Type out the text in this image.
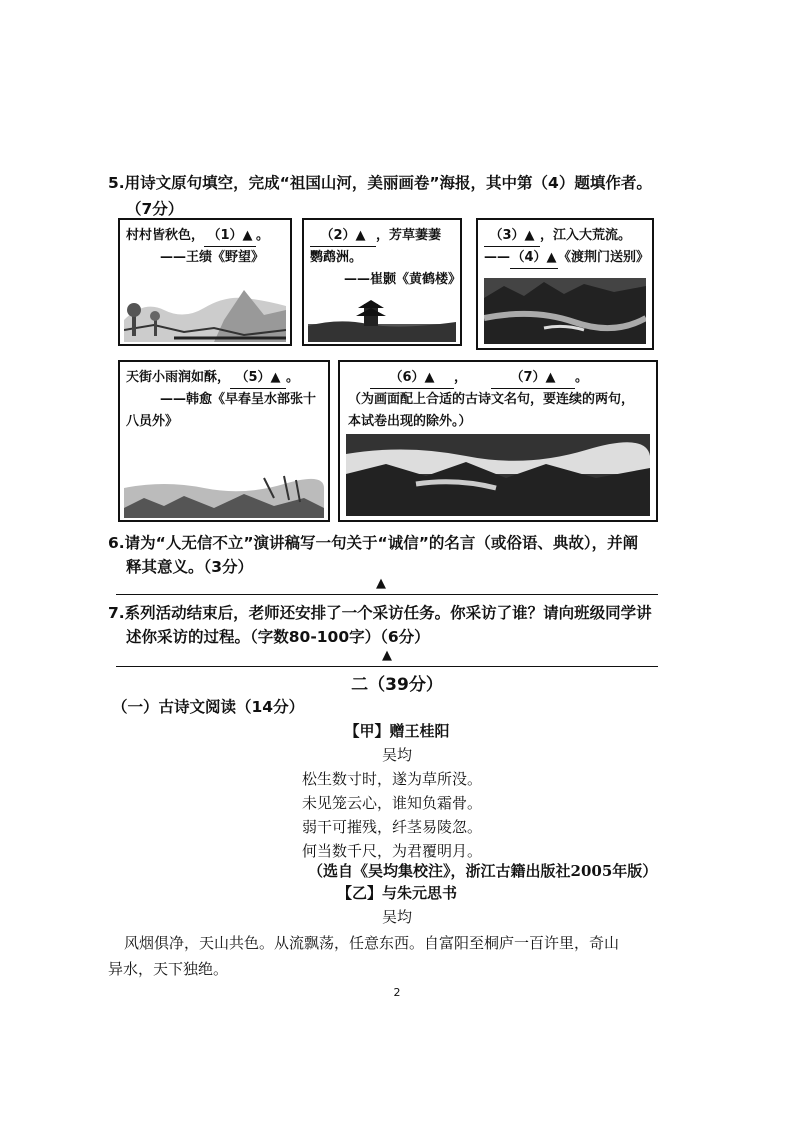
5.用诗文原句填空，完成“祖国山河，美丽画卷”海报，其中第（4）题填作者。
（7分）
村村皆秋色， （1）▲ 。
——王绩《野望》
（2）▲ ，芳草萋萋
鹦鹉洲。
——崔颢《黄鹤楼》
（3）▲ ，江入大荒流。
——（4）▲《渡荆门送别》
天街小雨润如酥， （5）▲ 。
——韩愈《早春呈水部张十
八员外》
（6）▲ ，	（7）▲ 。
（为画面配上合适的古诗文名句，要连续的两句，
本试卷出现的除外。）
6.请为“人无信不立”演讲稿写一句关于“诚信”的名言（或俗语、典故），并阐
释其意义。（3分）
▲
7.系列活动结束后，老师还安排了一个采访任务。你采访了谁？请向班级同学讲
述你采访的过程。（字数80-100字）（6分）
▲
二（39分）
（一）古诗文阅读（14分）
【甲】赠王桂阳
吴均
松生数寸时，遂为草所没。
未见笼云心，谁知负霜骨。
弱干可摧残，纤茎易陵忽。
何当数千尺，为君覆明月。
（选自《吴均集校注》，浙江古籍出版社2005年版）
【乙】与朱元思书
吴均
风烟俱净，天山共色。从流飘荡，任意东西。自富阳至桐庐一百许里，奇山
异水，天下独绝。
2
